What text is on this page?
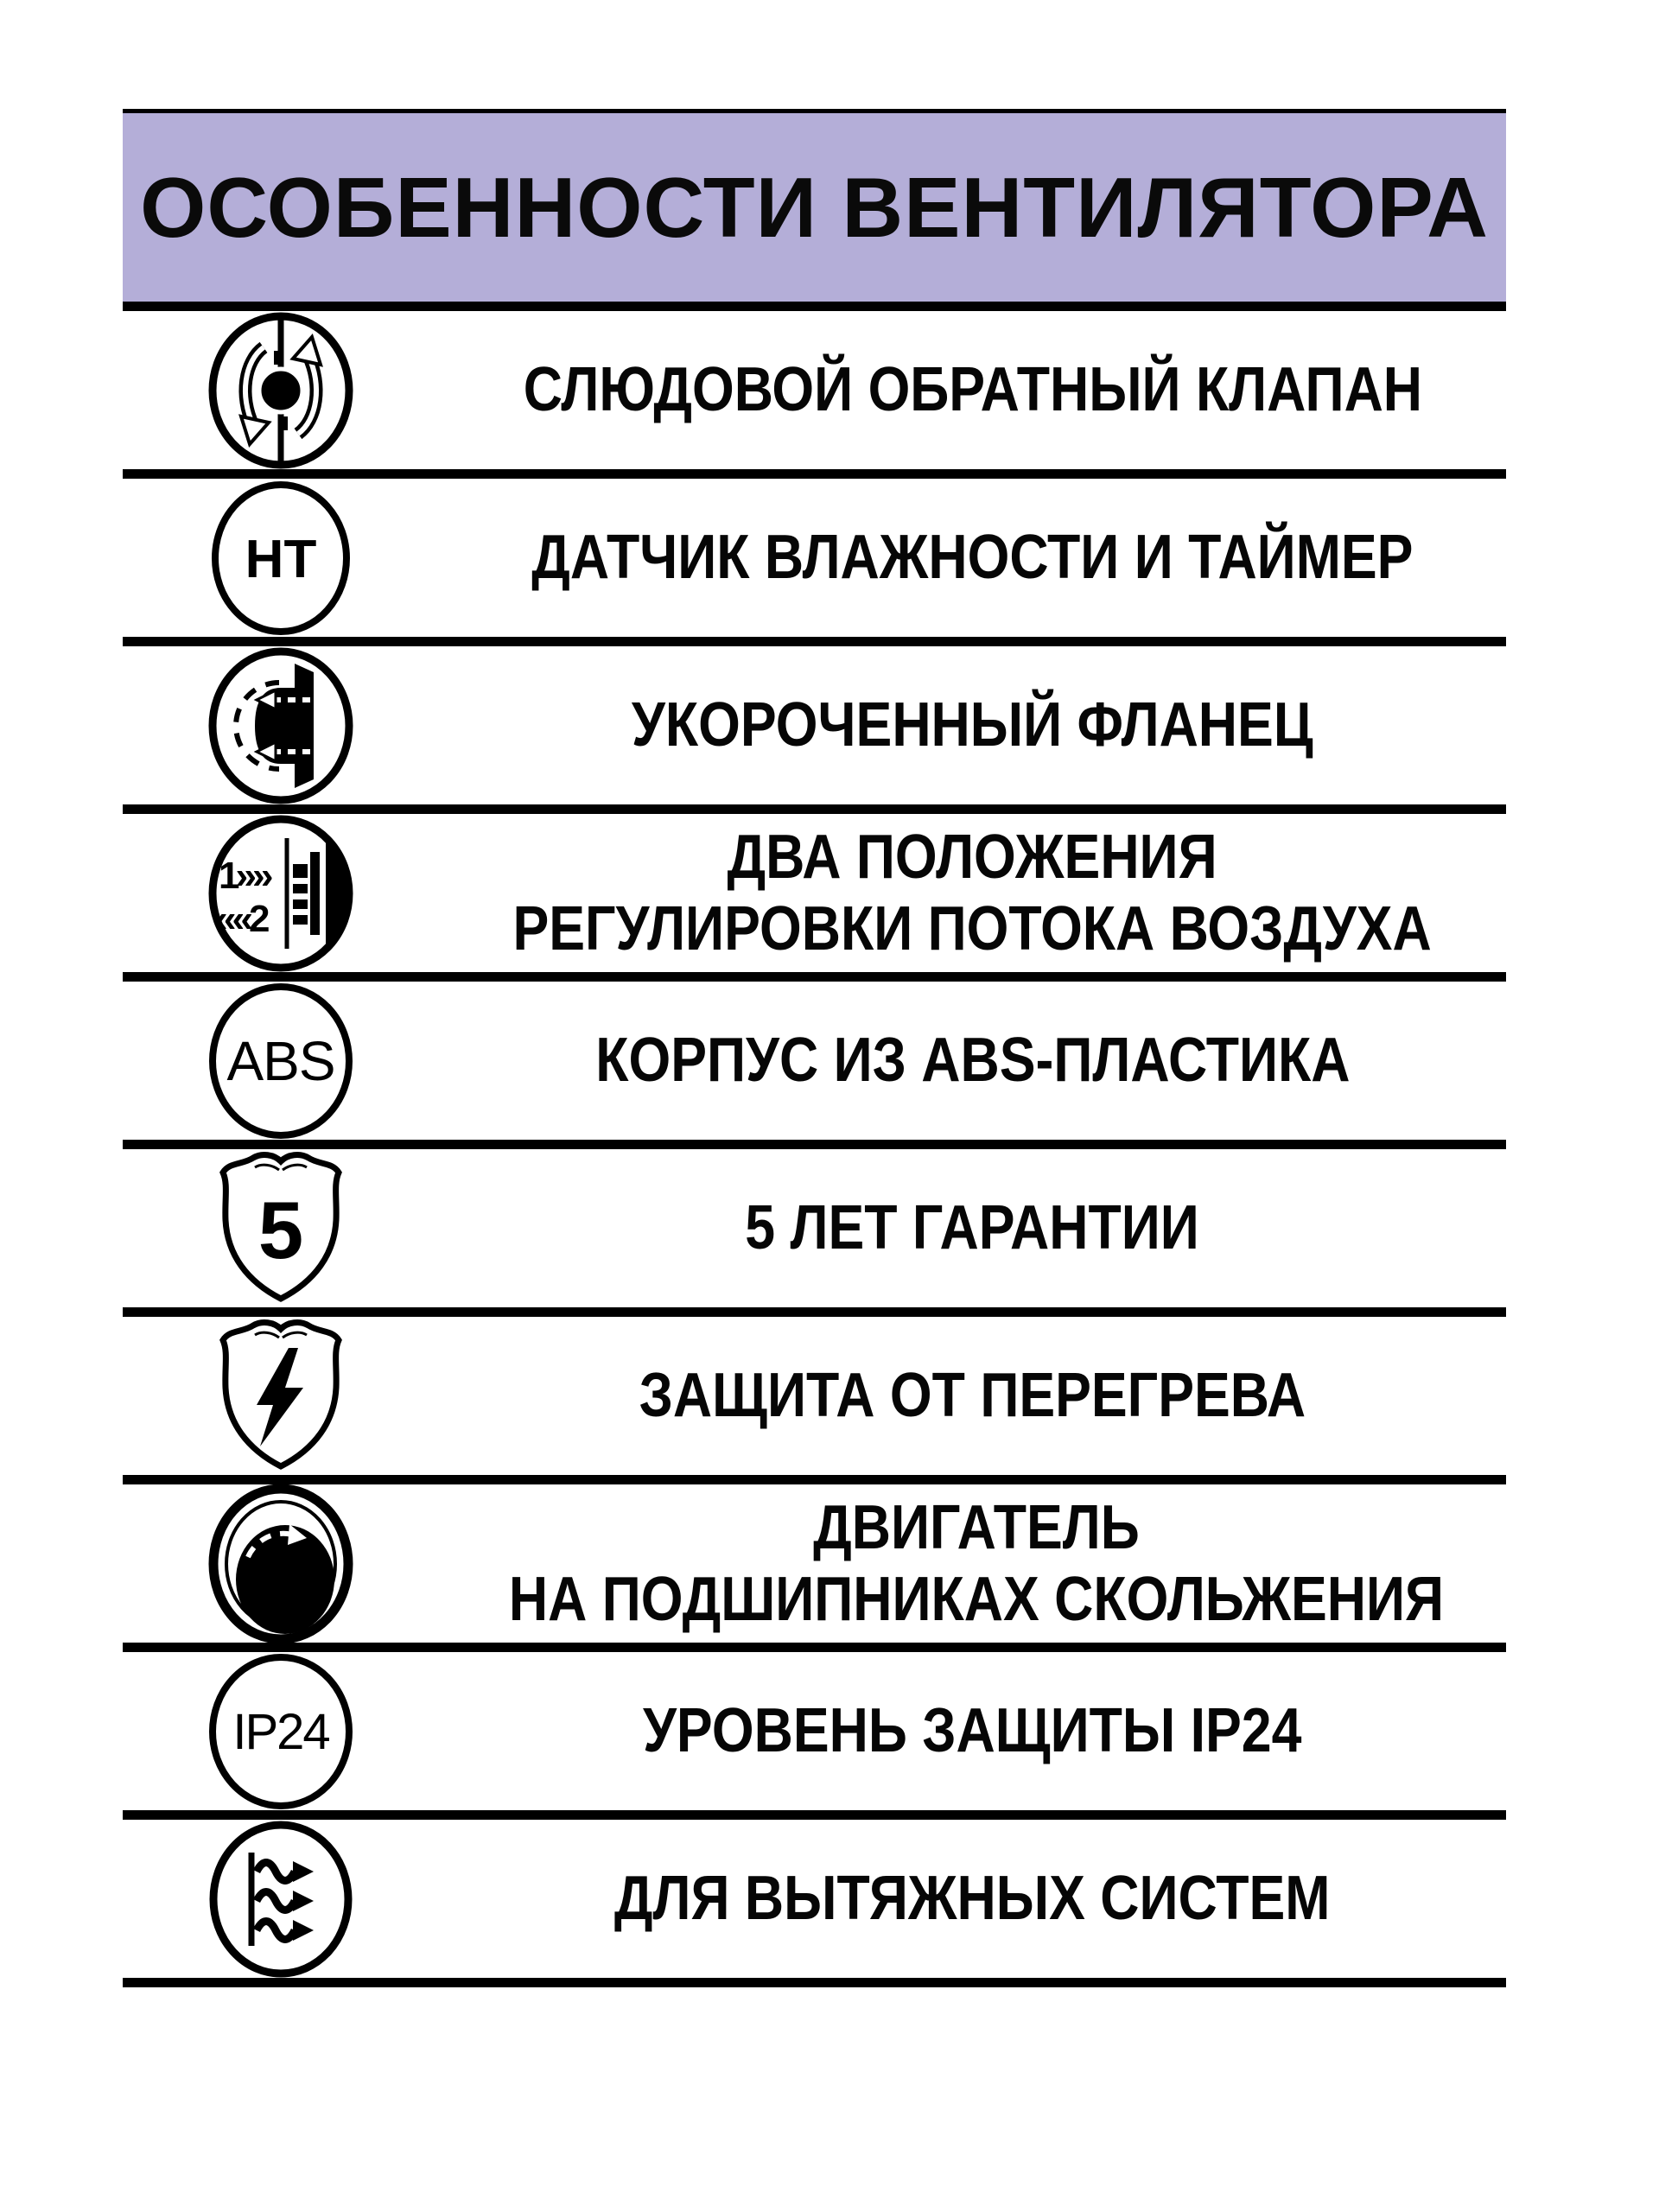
ОСОБЕННОСТИ ВЕНТИЛЯТОРА
СЛЮДОВОЙ ОБРАТНЫЙ КЛАПАН
HT	ДАТЧИК ВЛАЖНОСТИ И ТАЙМЕР
УКОРОЧЕННЫЙ ФЛАНЕЦ
1»»
««2
ДВА ПОЛОЖЕНИЯ
РЕГУЛИРОВКИ ПОТОКА ВОЗДУХА
ABS	КОРПУС ИЗ ABS-ПЛАСТИКА
5	5 ЛЕТ ГАРАНТИИ
ЗАЩИТА ОТ ПЕРЕГРЕВА
ДВИГАТЕЛЬ
НА ПОДШИПНИКАХ СКОЛЬЖЕНИЯ
IP24	УРОВЕНЬ ЗАЩИТЫ IP24
ДЛЯ ВЫТЯЖНЫХ СИСТЕМ
